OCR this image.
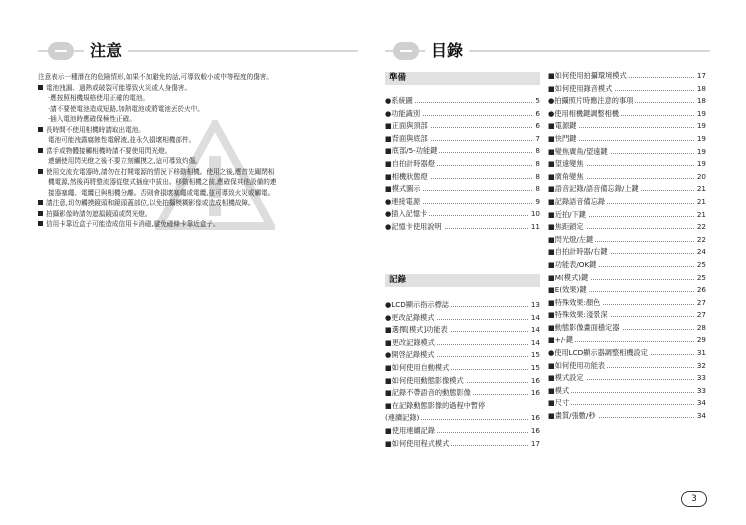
注意
注意表示一種潛在的危險情形,如果不加避免的話,可導致較小或中等程度的傷害。
電池洩漏、過熱或破裂可能導致火災或人身傷害。
·應按照相機規格使用正確的電池。
·請不要使電池造成短路,加熱電池或將電池丟於火中。
·插入電池時應確保極性正確。
長時間不使用相機時請取出電池。
電池可能洩露腐蝕性電解液,並永久損壞相機部件。
當手或物體接觸相機時請不要使用閃光燈。
連續使用閃光燈之後不要立刻觸摸之,這可導致灼傷。
使用交流充電器時,請勿在打開電源的情況下移動相機。使用之後,應首先關閉相
機電源,然後再將整流器從壁式插座中拔出。移動相機之前,應確保其他設備的連
接器塞繩、電纜已與相機分離。否則會損壞塞繩或電纜,並可導致火災或觸電。
請注意,切勿觸摸鏡頭和鏡頭蓋部位,以免拍攝模糊影像或造成相機故障。
拍攝影像時請勿遮擋鏡頭或閃光燈。
信用卡靠近盒子可能造成信用卡消磁,避免磁條卡靠近盒子。
目錄
準備
●系統圖	5
●功能識別	6
■正面與頂部	6
■背面與底部	7
■底部/5-功能鍵	8
■自拍計時器燈	8
■相機狀態燈	8
■模式圖示	8
●連接電源	9
●插入記憶卡	10
●記憶卡使用說明	11
記錄
●LCD顯示指示標誌	13
●更改記錄模式	14
■選擇[模式]功能表	14
■更改記錄模式	14
●開啓記錄模式	15
■如何使用自動模式	15
■如何使用動態影像模式	16
■記錄不帶語音的動態影像	16
■在記錄動態影像的過程中暫停
(連續記錄)	16
■使用連續記錄	16
■如何使用程式模式	17
■如何使用拍攝環境模式	17
■如何使用錄音模式	18
●拍攝照片時應注意的事項	18
●使用相機鍵調整相機	19
■電源鍵	19
■快門鍵	19
■變焦廣角/望遠鍵	19
■望遠變焦	19
■廣角變焦	20
■語音記錄/語音備忘錄/上鍵	21
■記錄語音備忘錄	21
■近拍/下鍵	21
■焦距鎖定	22
■閃光燈/左鍵	22
■自拍計時器/右鍵	24
■功能表/OK鍵	25
■M(模式)鍵	25
■E(效果)鍵	26
■特殊效果:顏色	27
■特殊效果:淺景深	27
■動態影像畫面穩定器	28
■+/-鍵	29
●使用LCD顯示器調整相機設定	31
■如何使用功能表	32
■模式設定	33
■模式	33
■尺寸	34
■畫質/張數/秒	34
3
